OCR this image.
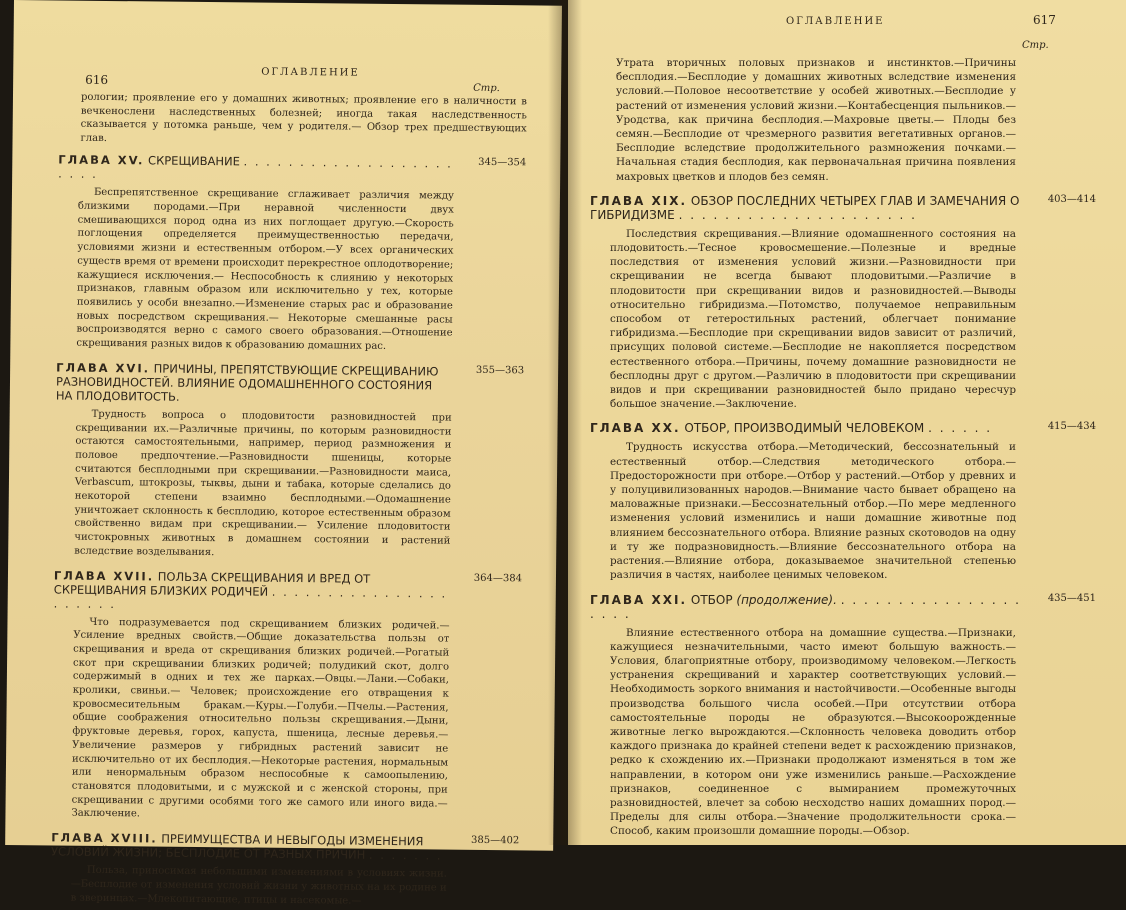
616
ОГЛАВЛЕНИЕ
Стр.

рологии; проявление его у домашних животных; проявление его в наличности в вечкенослени наследственных болезней; иногда такая наследственность сказывается у потомка раньше, чем у родителя.— Обзор трех предшествующих глав.

ГЛАВА XV. СКРЕЩИВАНИЕ . . . . . . . . . . . . . . . . . . . . . . .
345—354

Беспрепятственное скрещивание сглаживает различия между близкими породами.—При неравной численности двух смешивающихся пород одна из них поглощает другую.—Скорость поглощения определяется преимущественностью передачи, условиями жизни и естественным отбором.—У всех органических существ время от времени происходит перекрестное оплодотворение; кажущиеся исключения.— Неспособность к слиянию у некоторых признаков, главным образом или исключительно у тех, которые появились у особи внезапно.—Изменение старых рас и образование новых посредством скрещивания.— Некоторые смешанные расы воспроизводятся верно с самого своего образования.—Отношение скрещивания разных видов к образованию домашних рас.

ГЛАВА XVI. ПРИЧИНЫ, ПРЕПЯТСТВУЮЩИЕ СКРЕЩИВАНИЮ РАЗНОВИДНОСТЕЙ. ВЛИЯНИЕ ОДОМАШНЕННОГО СОСТОЯНИЯ НА ПЛОДОВИТОСТЬ.
355—363

Трудность вопроса о плодовитости разновидностей при скрещивании их.—Различные причины, по которым разновидности остаются самостоятельными, например, период размножения и половое предпочтение.—Разновидности пшеницы, которые считаются бесплодными при скрещивании.—Разновидности маиса, Verbascum, штокрозы, тыквы, дыни и табака, которые сделались до некоторой степени взаимно бесплодными.—Одомашнение уничтожает склонность к бесплодию, которое естественным образом свойственно видам при скрещивании.— Усиление плодовитости чистокровных животных в домашнем состоянии и растений вследствие возделывания.

ГЛАВА XVII. ПОЛЬЗА СКРЕЩИВАНИЯ И ВРЕД ОТ СКРЕЩИВАНИЯ БЛИЗКИХ РОДИЧЕЙ . . . . . . . . . . . . . . . . . . . . . .
364—384

Что подразумевается под скрещиванием близких родичей.—Усиление вредных свойств.—Общие доказательства пользы от скрещивания и вреда от скрещивания близких родичей.—Рогатый скот при скрещивании близких родичей; полудикий скот, долго содержимый в одних и тех же парках.—Овцы.—Лани.—Собаки, кролики, свиньи.— Человек; происхождение его отвращения к кровосмесительным бракам.—Куры.—Голуби.—Пчелы.—Растения, общие соображения относительно пользы скрещивания.—Дыни, фруктовые деревья, горох, капуста, пшеница, лесные деревья.—Увеличение размеров у гибридных растений зависит не исключительно от их бесплодия.—Некоторые растения, нормальным или ненормальным образом неспособные к самоопылению, становятся плодовитыми, и с мужской и с женской стороны, при скрещивании с другими особями того же самого или иного вида.— Заключение.

ГЛАВА XVIII. ПРЕИМУЩЕСТВА И НЕВЫГОДЫ ИЗМЕНЕНИЯ УСЛОВИЙ ЖИЗНИ; БЕСПЛОДИЕ ОТ РАЗНЫХ ПРИЧИН . . . . . . .
385—402

Польза, приносимая небольшими изменениями в условиях жизни.—Бесплодие от изменения условий жизни у животных на их родине и в зверинцах.—Млекопитающие, птицы и насекомые.—

ОГЛАВЛЕНИЕ	617
Стр.

Утрата вторичных половых признаков и инстинктов.—Причины бесплодия.—Бесплодие у домашних животных вследствие изменения условий.—Половое несоответствие у особей животных.—Бесплодие у растений от изменения условий жизни.—Контабесценция пыльников.—Уродства, как причина бесплодия.—Махровые цветы.— Плоды без семян.—Бесплодие от чрезмерного развития вегетативных органов.—Бесплодие вследствие продолжительного размножения почками.—Начальная стадия бесплодия, как первоначальная причина появления махровых цветков и плодов без семян.

ГЛАВА XIX. ОБЗОР ПОСЛЕДНИХ ЧЕТЫРЕХ ГЛАВ И ЗАМЕЧАНИЯ О ГИБРИДИЗМЕ . . . . . . . . . . . . . . . . . . . . .
403—414

Последствия скрещивания.—Влияние одомашненного состояния на плодовитость.—Тесное кровосмешение.—Полезные и вредные последствия от изменения условий жизни.—Разновидности при скрещивании не всегда бывают плодовитыми.—Различие в плодовитости при скрещивании видов и разновидностей.—Выводы относительно гибридизма.—Потомство, получаемое неправильным способом от гетеростильных растений, облегчает понимание гибридизма.—Бесплодие при скрещивании видов зависит от различий, присущих половой системе.—Бесплодие не накопляется посредством естественного отбора.—Причины, почему домашние разновидности не бесплодны друг с другом.—Различию в плодовитости при скрещивании видов и при скрещивании разновидностей было придано чересчур большое значение.—Заключение.

ГЛАВА XX. ОТБОР, ПРОИЗВОДИМЫЙ ЧЕЛОВЕКОМ . . . . . .	415—434

Трудность искусства отбора.—Методический, бессознательный и естественный отбор.—Следствия методического отбора.—Предосторожности при отборе.—Отбор у растений.—Отбор у древних и у полуцивилизованных народов.—Внимание часто бывает обращено на маловажные признаки.—Бессознательный отбор.—По мере медленного изменения условий изменились и наши домашние животные под влиянием бессознательного отбора. Влияние разных скотоводов на одну и ту же подразновидность.—Влияние бессознательного отбора на растения.—Влияние отбора, доказываемое значительной степенью различия в частях, наиболее ценимых человеком.

ГЛАВА XXI. ОТБОР (продолжение). . . . . . . . . . . . . . . . . . . . .
435—451

Влияние естественного отбора на домашние существа.—Признаки, кажущиеся незначительными, часто имеют большую важность.— Условия, благоприятные отбору, производимому человеком.—Легкость устранения скрещиваний и характер соответствующих условий.—Необходимость зоркого внимания и настойчивости.—Особенные выгоды производства большого числа особей.—При отсутствии отбора самостоятельные породы не образуются.—Высокоорожденные животные легко вырождаются.—Склонность человека доводить отбор каждого признака до крайней степени ведет к расхождению признаков, редко к схождению их.—Признаки продолжают изменяться в том же направлении, в котором они уже изменились раньше.—Расхождение признаков, соединенное с вымиранием промежуточных разновидностей, влечет за собою несходство наших домашних пород.—Пределы для силы отбора.—Значение продолжительности срока.—Способ, каким произошли домашние породы.—Обзор.
